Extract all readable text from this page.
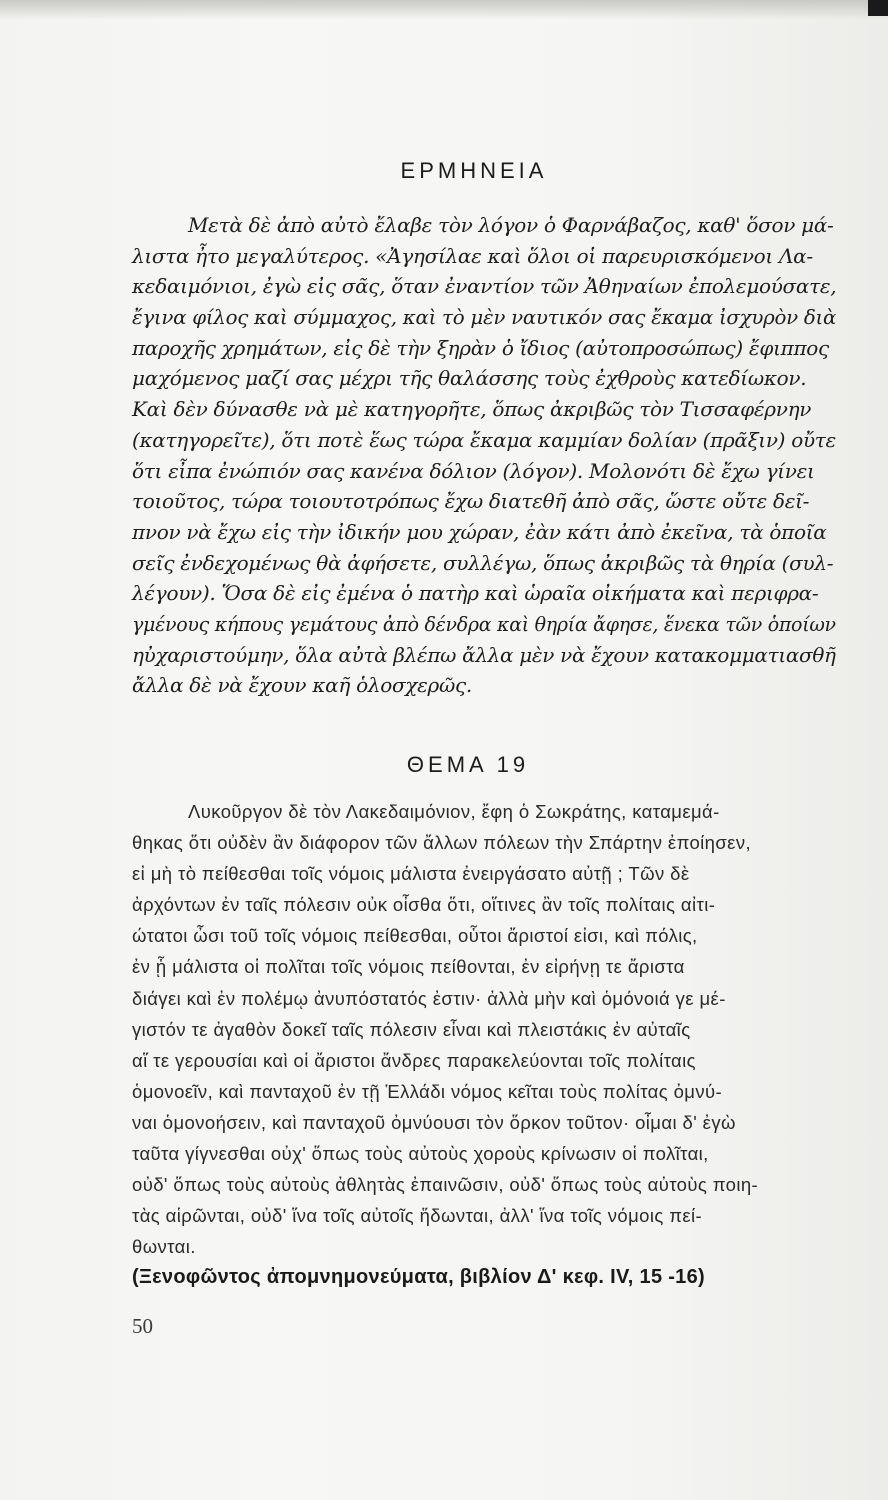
ΕΡΜΗΝΕΙΑ
Μετὰ δὲ ἀπὸ αὐτὸ ἔλαβε τὸν λόγον ὁ Φαρνάβαζος, καθ' ὅσον μά-
λιστα ἦτο μεγαλύτερος. «Ἀγησίλαε καὶ ὅλοι οἱ παρευρισκόμενοι Λα-
κεδαιμόνιοι, ἐγὼ εἰς σᾶς, ὅταν ἐναντίον τῶν Ἀθηναίων ἐπολεμούσατε,
ἔγινα φίλος καὶ σύμμαχος, καὶ τὸ μὲν ναυτικόν σας ἔκαμα ἰσχυρὸν διὰ
παροχῆς χρημάτων, εἰς δὲ τὴν ξηρὰν ὁ ἴδιος (αὐτοπροσώπως) ἔφιππος
μαχόμενος μαζί σας μέχρι τῆς θαλάσσης τοὺς ἐχθροὺς κατεδίωκον.
Καὶ δὲν δύνασθε νὰ μὲ κατηγορῆτε, ὅπως ἀκριβῶς τὸν Τισσαφέρνην
(κατηγορεῖτε), ὅτι ποτὲ ἕως τώρα ἔκαμα καμμίαν δολίαν (πρᾶξιν) οὔτε
ὅτι εἶπα ἐνώπιόν σας κανένα δόλιον (λόγον). Μολονότι δὲ ἔχω γίνει
τοιοῦτος, τώρα τοιουτοτρόπως ἔχω διατεθῆ ἀπὸ σᾶς, ὥστε οὔτε δεῖ-
πνον νὰ ἔχω εἰς τὴν ἰδικήν μου χώραν, ἐὰν κάτι ἀπὸ ἐκεῖνα, τὰ ὁποῖα
σεῖς ἐνδεχομένως θὰ ἀφήσετε, συλλέγω, ὅπως ἀκριβῶς τὰ θηρία (συλ-
λέγουν). Ὅσα δὲ εἰς ἐμένα ὁ πατὴρ καὶ ὡραῖα οἰκήματα καὶ περιφρα-
γμένους κήπους γεμάτους ἀπὸ δένδρα καὶ θηρία ἄφησε, ἕνεκα τῶν ὁποίων
ηὐχαριστούμην, ὅλα αὐτὰ βλέπω ἄλλα μὲν νὰ ἔχουν κατακομματιασθῆ
ἄλλα δὲ νὰ ἔχουν καῆ ὁλοσχερῶς.
ΘΕΜΑ 19
Λυκοῦργον δὲ τὸν Λακεδαιμόνιον, ἔφη ὁ Σωκράτης, καταμεμά-
θηκας ὅτι οὐδὲν ἂν διάφορον τῶν ἄλλων πόλεων τὴν Σπάρτην ἐποίησεν,
εἰ μὴ τὸ πείθεσθαι τοῖς νόμοις μάλιστα ἐνειργάσατο αὐτῇ ; Τῶν δὲ
ἀρχόντων ἐν ταῖς πόλεσιν οὐκ οἶσθα ὅτι, οἵτινες ἂν τοῖς πολίταις αἰτι-
ώτατοι ὦσι τοῦ τοῖς νόμοις πείθεσθαι, οὗτοι ἄριστοί εἰσι, καὶ πόλις,
ἐν ᾗ μάλιστα οἱ πολῖται τοῖς νόμοις πείθονται, ἐν εἰρήνῃ τε ἄριστα
διάγει καὶ ἐν πολέμῳ ἀνυπόστατός ἐστιν· ἀλλὰ μὴν καὶ ὁμόνοιά γε μέ-
γιστόν τε ἀγαθὸν δοκεῖ ταῖς πόλεσιν εἶναι καὶ πλειστάκις ἐν αὐταῖς
αἵ τε γερουσίαι καὶ οἱ ἄριστοι ἄνδρες παρακελεύονται τοῖς πολίταις
ὁμονοεῖν, καὶ πανταχοῦ ἐν τῇ Ἑλλάδι νόμος κεῖται τοὺς πολίτας ὀμνύ-
ναι ὁμονοήσειν, καὶ πανταχοῦ ὀμνύουσι τὸν ὅρκον τοῦτον· οἶμαι δ' ἐγὼ
ταῦτα γίγνεσθαι οὐχ' ὅπως τοὺς αὐτοὺς χοροὺς κρίνωσιν οἱ πολῖται,
οὐδ' ὅπως τοὺς αὐτοὺς ἀθλητὰς ἐπαινῶσιν, οὐδ' ὅπως τοὺς αὐτοὺς ποιη-
τὰς αἱρῶνται, οὐδ' ἵνα τοῖς αὐτοῖς ἥδωνται, ἀλλ' ἵνα τοῖς νόμοις πεί-
θωνται.
(Ξενοφῶντος ἀπομνημονεύματα, βιβλίον Δ' κεφ. IV, 15 -16)
50
